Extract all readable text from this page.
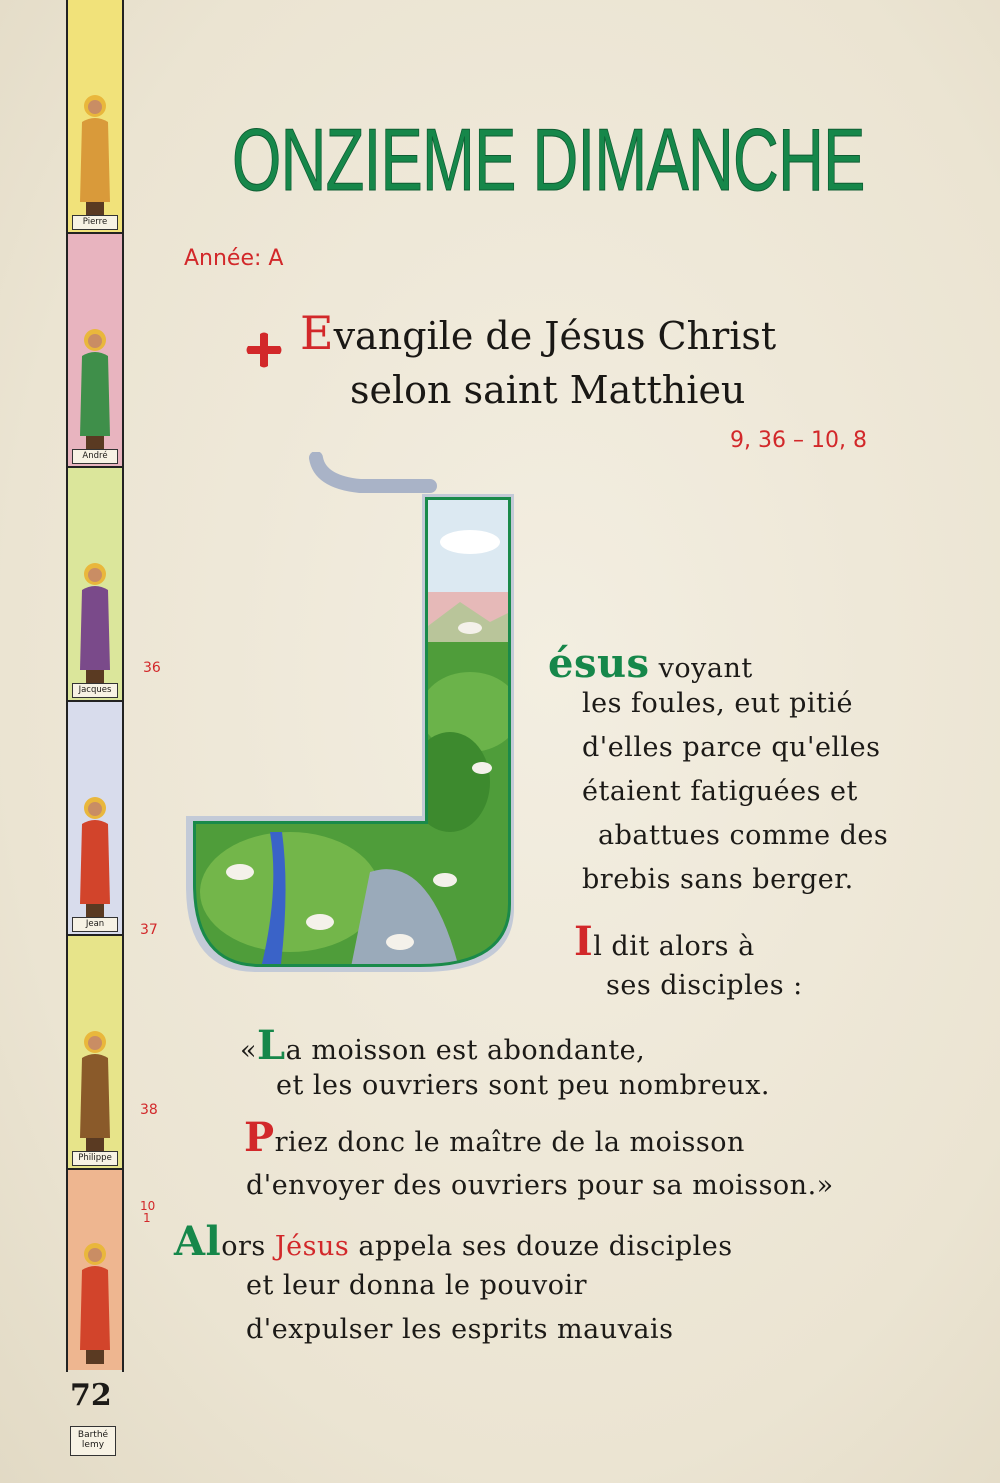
Pierre
André
Jacques
Jean
Philippe
72
Barthé lemy
36
37
38
10
1
ONZIEME DIMANCHE
Année: A
Evangile de Jésus Christ
selon saint Matthieu
9, 36 – 10, 8
ésus voyant
les foules, eut pitié
d'elles parce qu'elles
étaient fatiguées et
abattues comme des
brebis sans berger.
Il dit alors à
ses disciples :
«La moisson est abondante,
et les ouvriers sont peu nombreux.
Priez donc le maître de la moisson
d'envoyer des ouvriers pour sa moisson.»
Alors Jésus appela ses douze disciples
et leur donna le pouvoir
d'expulser les esprits mauvais
